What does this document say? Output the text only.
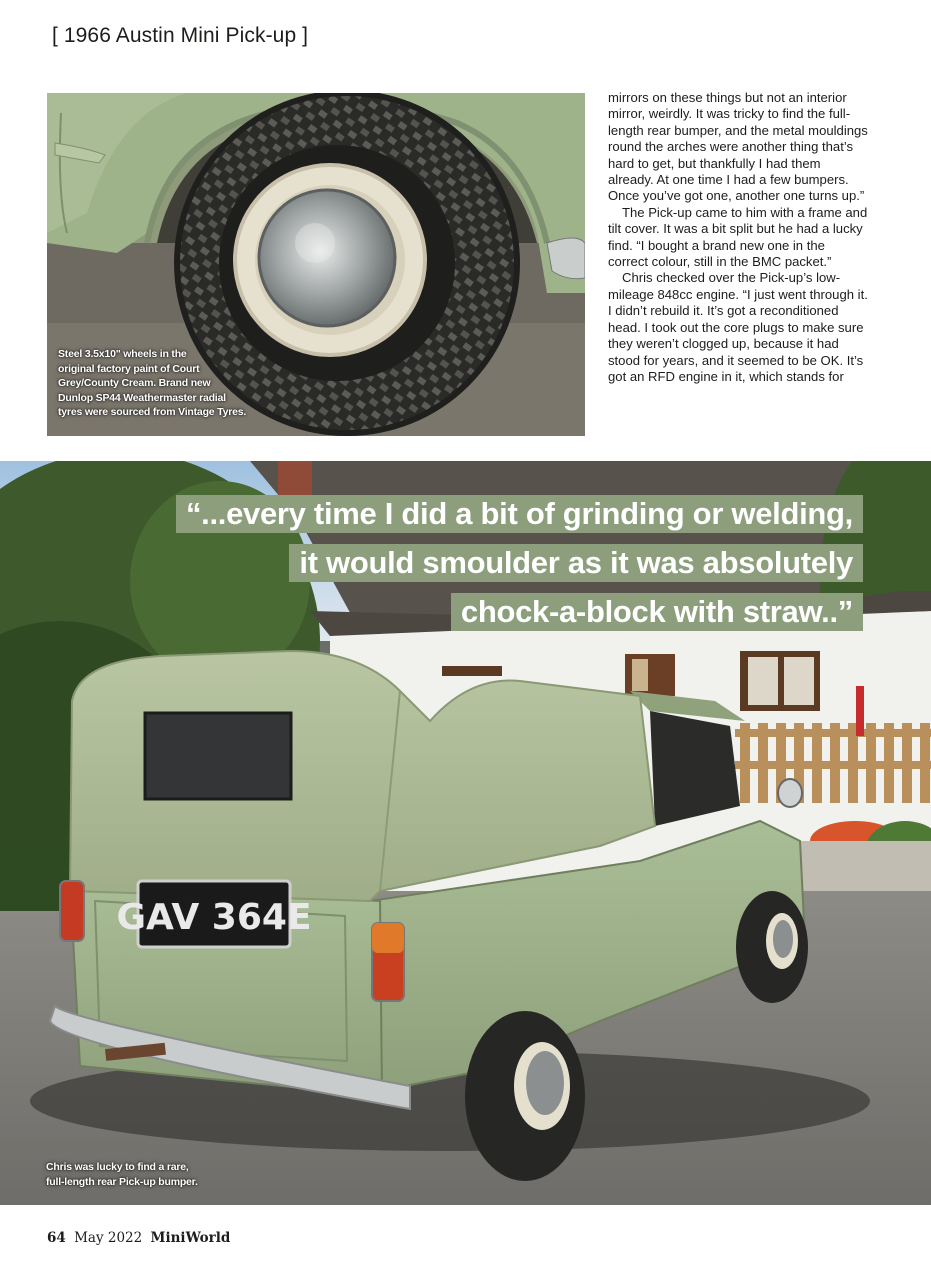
[ 1966 Austin Mini Pick-up ]
Steel 3.5x10" wheels in the
original factory paint of Court
Grey/County Cream. Brand new
Dunlop SP44 Weathermaster radial
tyres were sourced from Vintage Tyres.

mirrors on these things but not an interior mirror, weirdly. It was tricky to find the full-length rear bumper, and the metal mouldings round the arches were another thing that’s hard to get, but thankfully I had them already. At one time I had a few bumpers. Once you’ve got one, another one turns up.”

The Pick-up came to him with a frame and tilt cover. It was a bit split but he had a lucky find. “I bought a brand new one in the correct colour, still in the BMC packet.”

Chris checked over the Pick-up’s low-mileage 848cc engine. “I just went through it. I didn’t rebuild it. It’s got a reconditioned head. I took out the core plugs to make sure they weren’t clogged up, because it had stood for years, and it seemed to be OK. It’s got an RFD engine in it, which stands for

GAV 364E
Chris was lucky to find a rare,
full-length rear Pick-up bumper.
“...every time I did a bit of grinding or welding,
it would smoulder as it was absolutely
chock-a-block with straw..”
64 May 2022 MiniWorld
